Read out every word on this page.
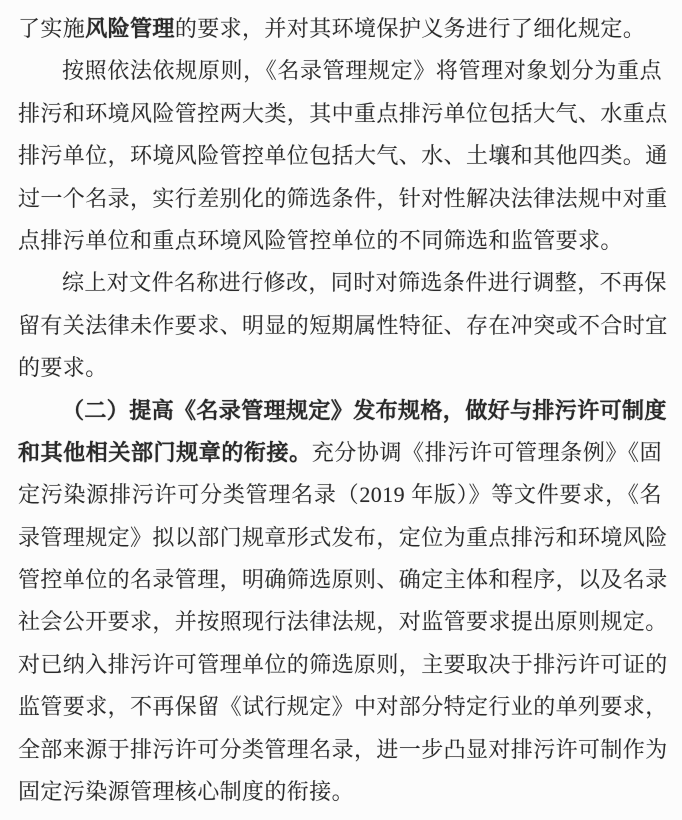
了实施风险管理的要求，并对其环境保护义务进行了细化规定。
按照依法依规原则，《名录管理规定》将管理对象划分为重点
排污和环境风险管控两大类，其中重点排污单位包括大气、水重点
排污单位，环境风险管控单位包括大气、水、土壤和其他四类。通
过一个名录，实行差别化的筛选条件，针对性解决法律法规中对重
点排污单位和重点环境风险管控单位的不同筛选和监管要求。
综上对文件名称进行修改，同时对筛选条件进行调整，不再保
留有关法律未作要求、明显的短期属性特征、存在冲突或不合时宜
的要求。
（二）提高《名录管理规定》发布规格，做好与排污许可制度
和其他相关部门规章的衔接。充分协调《排污许可管理条例》《固
定污染源排污许可分类管理名录（2019 年版）》等文件要求，《名
录管理规定》拟以部门规章形式发布，定位为重点排污和环境风险
管控单位的名录管理，明确筛选原则、确定主体和程序，以及名录
社会公开要求，并按照现行法律法规，对监管要求提出原则规定。
对已纳入排污许可管理单位的筛选原则，主要取决于排污许可证的
监管要求，不再保留《试行规定》中对部分特定行业的单列要求，
全部来源于排污许可分类管理名录，进一步凸显对排污许可制作为
固定污染源管理核心制度的衔接。
